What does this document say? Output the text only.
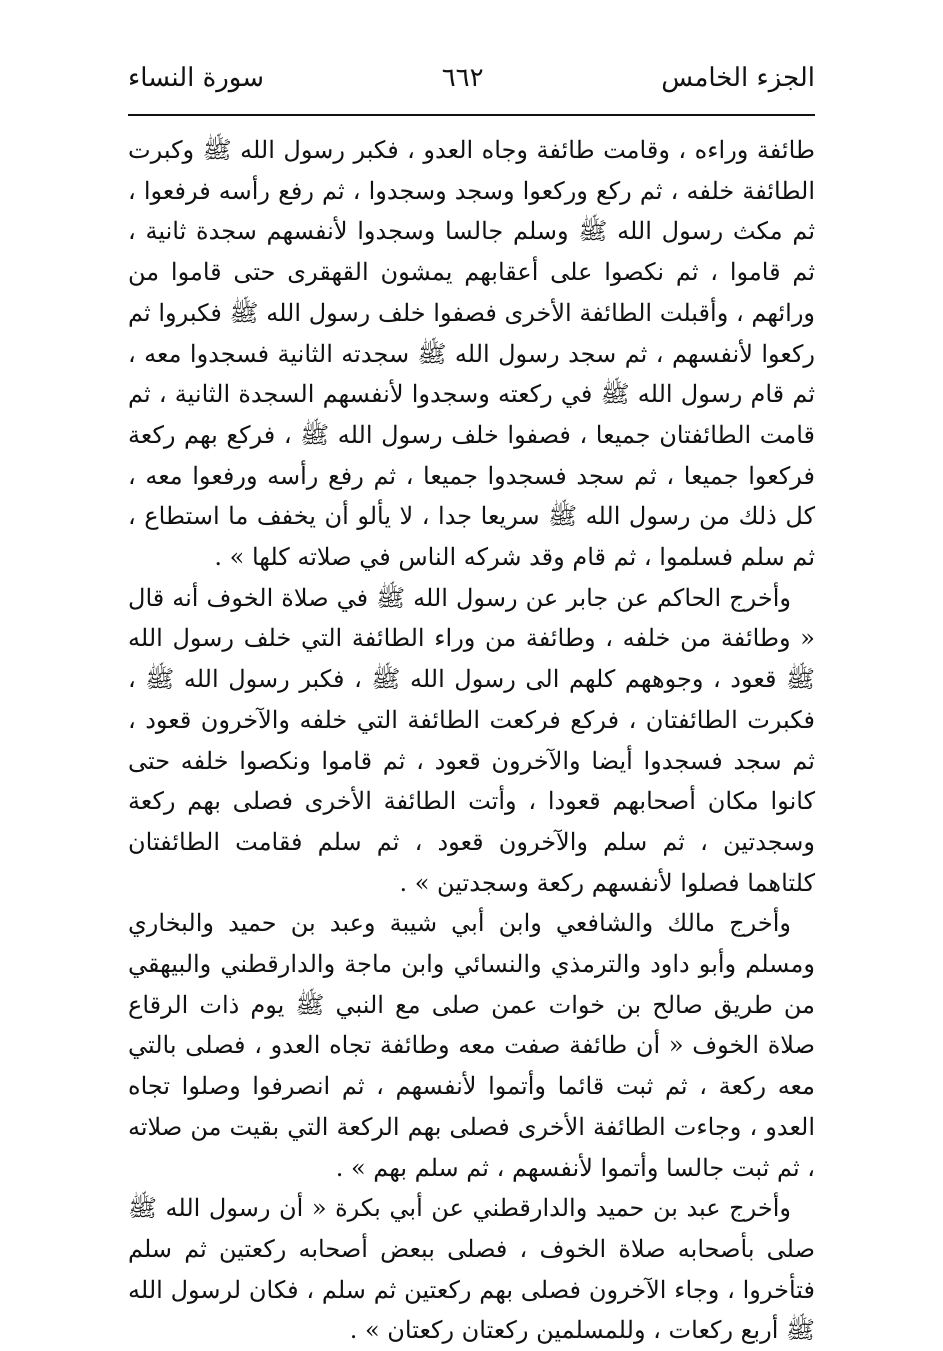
الجزء الخامس
٦٦٢
سورة النساء

طائفة وراءه ، وقامت طائفة وجاه العدو ، فكبر رسول الله ﷺ وكبرت الطائفة خلفه ، ثم ركع وركعوا وسجد وسجدوا ، ثم رفع رأسه فرفعوا ، ثم مكث رسول الله ﷺ وسلم جالسا وسجدوا لأنفسهم سجدة ثانية ، ثم قاموا ، ثم نكصوا على أعقابهم يمشون القهقرى حتى قاموا من ورائهم ، وأقبلت الطائفة الأخرى فصفوا خلف رسول الله ﷺ فكبروا ثم ركعوا لأنفسهم ، ثم سجد رسول الله ﷺ سجدته الثانية فسجدوا معه ، ثم قام رسول الله ﷺ في ركعته وسجدوا لأنفسهم السجدة الثانية ، ثم قامت الطائفتان جميعا ، فصفوا خلف رسول الله ﷺ ، فركع بهم ركعة فركعوا جميعا ، ثم سجد فسجدوا جميعا ، ثم رفع رأسه ورفعوا معه ، كل ذلك من رسول الله ﷺ سريعا جدا ، لا يألو أن يخفف ما استطاع ، ثم سلم فسلموا ، ثم قام وقد شركه الناس في صلاته كلها » .

وأخرج الحاكم عن جابر عن رسول الله ﷺ في صلاة الخوف أنه قال « وطائفة من خلفه ، وطائفة من وراء الطائفة التي خلف رسول الله ﷺ قعود ، وجوههم كلهم الى رسول الله ﷺ ، فكبر رسول الله ﷺ ، فكبرت الطائفتان ، فركع فركعت الطائفة التي خلفه والآخرون قعود ، ثم سجد فسجدوا أيضا والآخرون قعود ، ثم قاموا ونكصوا خلفه حتى كانوا مكان أصحابهم قعودا ، وأتت الطائفة الأخرى فصلى بهم ركعة وسجدتين ، ثم سلم والآخرون قعود ، ثم سلم فقامت الطائفتان كلتاهما فصلوا لأنفسهم ركعة وسجدتين » .

وأخرج مالك والشافعي وابن أبي شيبة وعبد بن حميد والبخاري ومسلم وأبو داود والترمذي والنسائي وابن ماجة والدارقطني والبيهقي من طريق صالح بن خوات عمن صلى مع النبي ﷺ يوم ذات الرقاع صلاة الخوف « أن طائفة صفت معه وطائفة تجاه العدو ، فصلى بالتي معه ركعة ، ثم ثبت قائما وأتموا لأنفسهم ، ثم انصرفوا وصلوا تجاه العدو ، وجاءت الطائفة الأخرى فصلى بهم الركعة التي بقيت من صلاته ، ثم ثبت جالسا وأتموا لأنفسهم ، ثم سلم بهم » .

وأخرج عبد بن حميد والدارقطني عن أبي بكرة « أن رسول الله ﷺ صلى بأصحابه صلاة الخوف ، فصلى ببعض أصحابه ركعتين ثم سلم فتأخروا ، وجاء الآخرون فصلى بهم ركعتين ثم سلم ، فكان لرسول الله ﷺ أربع ركعات ، وللمسلمين ركعتان ركعتان » .
